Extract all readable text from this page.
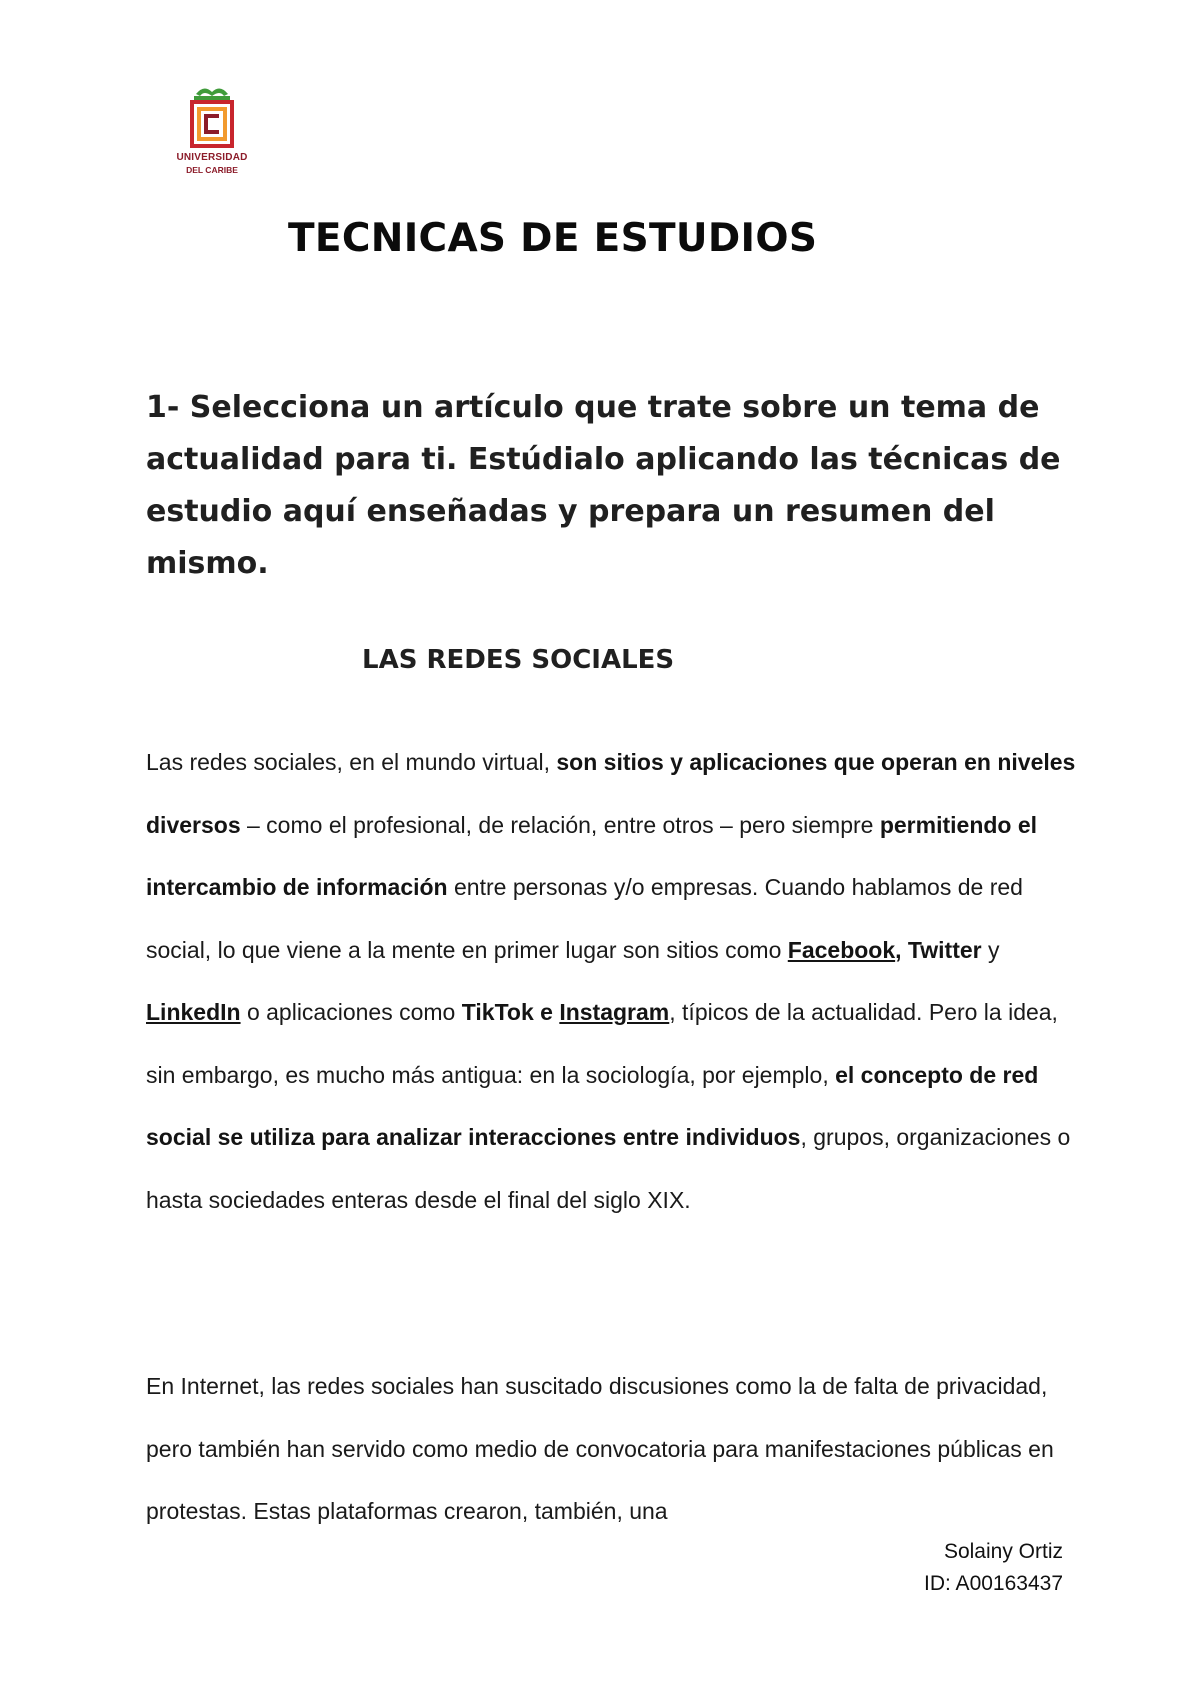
UNIVERSIDAD
DEL CARIBE
TECNICAS DE ESTUDIOS

1- Selecciona un artículo que trate sobre un tema de actualidad para ti. Estúdialo aplicando las técnicas de estudio aquí enseñadas y prepara un resumen del mismo.

LAS REDES SOCIALES

Las redes sociales, en el mundo virtual, son sitios y aplicaciones que operan en niveles diversos – como el profesional, de relación, entre otros – pero siempre permitiendo el intercambio de información entre personas y/o empresas. Cuando hablamos de red social, lo que viene a la mente en primer lugar son sitios como Facebook, Twitter y LinkedIn o aplicaciones como TikTok e Instagram, típicos de la actualidad. Pero la idea, sin embargo, es mucho más antigua: en la sociología, por ejemplo, el concepto de red social se utiliza para analizar interacciones entre individuos, grupos, organizaciones o hasta sociedades enteras desde el final del siglo XIX.

En Internet, las redes sociales han suscitado discusiones como la de falta de privacidad, pero también han servido como medio de convocatoria para manifestaciones públicas en protestas. Estas plataformas crearon, también, una

Solainy Ortiz
ID: A00163437
